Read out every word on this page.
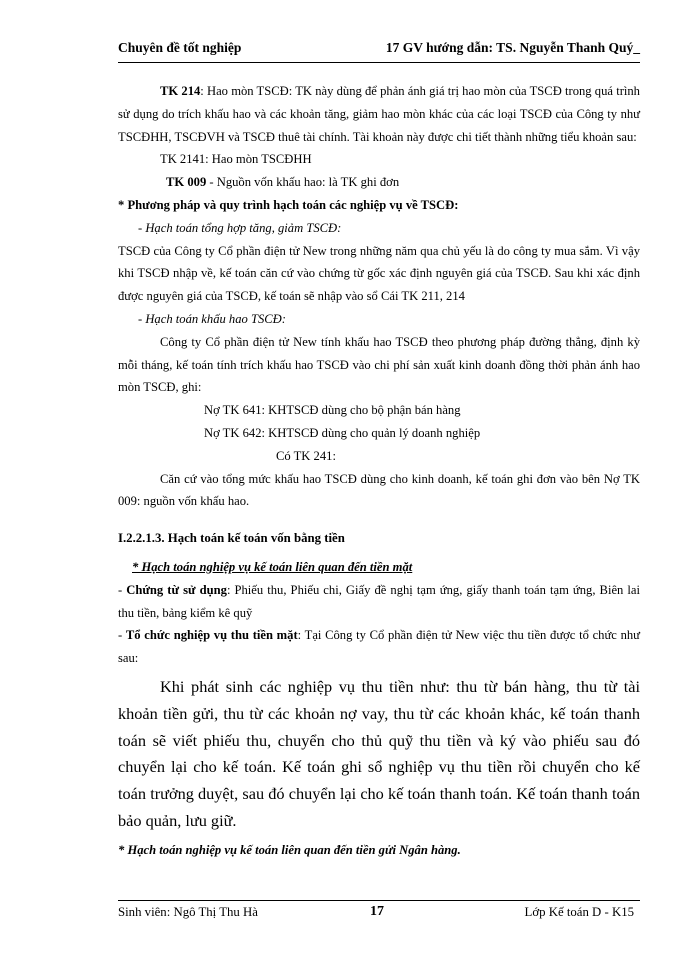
Chuyên đề tốt nghiệp	17 GV hướng dẫn: TS. Nguyễn Thanh Quý_

TK 214: Hao mòn TSCĐ: TK này dùng để phản ánh giá trị hao mòn của TSCĐ trong quá trình sử dụng do trích khấu hao và các khoản tăng, giảm hao mòn khác của các loại TSCĐ của Công ty như TSCĐHH, TSCĐVH và TSCĐ thuê tài chính. Tài khoản này được chi tiết thành những tiểu khoản sau:

TK 2141: Hao mòn TSCĐHH

TK 009 - Nguồn vốn khấu hao: là TK ghi đơn

* Phương pháp và quy trình hạch toán các nghiệp vụ về TSCĐ:

- Hạch toán tổng hợp tăng, giảm TSCĐ:

TSCĐ của Công ty Cổ phần điện tử New trong những năm qua chủ yếu là do công ty mua sắm. Vì vậy khi TSCĐ nhập về, kế toán căn cứ vào chứng từ gốc xác định nguyên giá của TSCĐ. Sau khi xác định được nguyên giá của TSCĐ, kế toán sẽ nhập vào sổ Cái TK 211, 214

- Hạch toán khấu hao TSCĐ:

Công ty Cổ phần điện tử New tính khấu hao TSCĐ theo phương pháp đường thẳng, định kỳ mỗi tháng, kế toán tính trích khấu hao TSCĐ vào chi phí sản xuất kinh doanh đồng thời phản ánh hao mòn TSCĐ, ghi:

Nợ TK 641: KHTSCĐ dùng cho bộ phận bán hàng

Nợ TK 642: KHTSCĐ dùng cho quản lý doanh nghiệp

Có TK 241:

Căn cứ vào tổng mức khấu hao TSCĐ dùng cho kinh doanh, kế toán ghi đơn vào bên Nợ TK 009: nguồn vốn khấu hao.

I.2.2.1.3. Hạch toán kế toán vốn bằng tiền

* Hạch toán nghiệp vụ kế toán liên quan đến tiền mặt

- Chứng từ sử dụng: Phiếu thu, Phiếu chi, Giấy đề nghị tạm ứng, giấy thanh toán tạm ứng, Biên lai thu tiền, bảng kiểm kê quỹ

- Tổ chức nghiệp vụ thu tiền mặt: Tại Công ty Cổ phần điện tử New việc thu tiền được tổ chức như sau:

Khi phát sinh các nghiệp vụ thu tiền như: thu từ bán hàng, thu từ tài khoản tiền gửi, thu từ các khoản nợ vay, thu từ các khoản khác, kế toán thanh toán sẽ viết phiếu thu, chuyển cho thủ quỹ thu tiền và ký vào phiếu sau đó chuyển lại cho kế toán. Kế toán ghi sổ nghiệp vụ thu tiền rồi chuyển cho kế toán trưởng duyệt, sau đó chuyển lại cho kế toán thanh toán. Kế toán thanh toán bảo quản, lưu giữ.

* Hạch toán nghiệp vụ kế toán liên quan đến tiền gửi Ngân hàng.

Sinh viên: Ngô Thị Thu Hà	17	Lớp Kế toán D - K15
